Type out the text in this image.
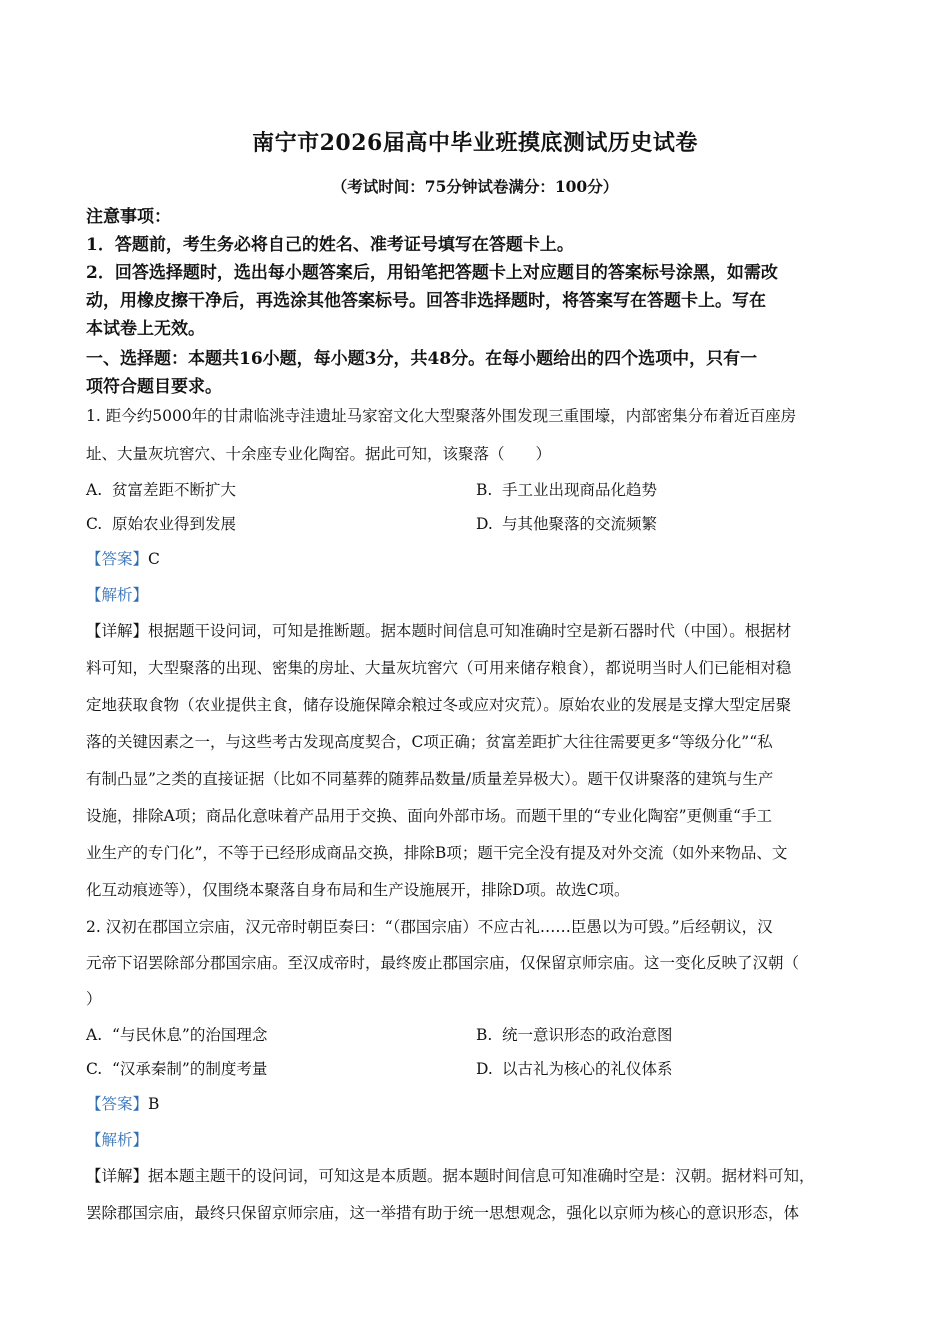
南宁市2026届高中毕业班摸底测试历史试卷
（考试时间：75分钟试卷满分：100分）
注意事项：
1．答题前，考生务必将自己的姓名、准考证号填写在答题卡上。
2．回答选择题时，选出每小题答案后，用铅笔把答题卡上对应题目的答案标号涂黑，如需改
动，用橡皮擦干净后，再选涂其他答案标号。回答非选择题时，将答案写在答题卡上。写在
本试卷上无效。
一、选择题：本题共16小题，每小题3分，共48分。在每小题给出的四个选项中，只有一
项符合题目要求。
1. 距今约5000年的甘肃临洮寺洼遗址马家窑文化大型聚落外围发现三重围壕，内部密集分布着近百座房
址、大量灰坑窖穴、十余座专业化陶窑。据此可知，该聚落（　　）
A. 贫富差距不断扩大	B. 手工业出现商品化趋势
C. 原始农业得到发展	D. 与其他聚落的交流频繁
【答案】C
【解析】
【详解】根据题干设问词，可知是推断题。据本题时间信息可知准确时空是新石器时代（中国）。根据材
料可知，大型聚落的出现、密集的房址、大量灰坑窖穴（可用来储存粮食），都说明当时人们已能相对稳
定地获取食物（农业提供主食，储存设施保障余粮过冬或应对灾荒）。原始农业的发展是支撑大型定居聚
落的关键因素之一，与这些考古发现高度契合，C项正确；贫富差距扩大往往需要更多“等级分化”“私
有制凸显”之类的直接证据（比如不同墓葬的随葬品数量/质量差异极大）。题干仅讲聚落的建筑与生产
设施，排除A项；商品化意味着产品用于交换、面向外部市场。而题干里的“专业化陶窑”更侧重“手工
业生产的专门化”，不等于已经形成商品交换，排除B项；题干完全没有提及对外交流（如外来物品、文
化互动痕迹等），仅围绕本聚落自身布局和生产设施展开，排除D项。故选C项。
2. 汉初在郡国立宗庙，汉元帝时朝臣奏曰：“（郡国宗庙）不应古礼……臣愚以为可毁。”后经朝议，汉
元帝下诏罢除部分郡国宗庙。至汉成帝时，最终废止郡国宗庙，仅保留京师宗庙。这一变化反映了汉朝（
）
A. “与民休息”的治国理念	B. 统一意识形态的政治意图
C. “汉承秦制”的制度考量	D. 以古礼为核心的礼仪体系
【答案】B
【解析】
【详解】据本题主题干的设问词，可知这是本质题。据本题时间信息可知准确时空是：汉朝。据材料可知，
罢除郡国宗庙，最终只保留京师宗庙，这一举措有助于统一思想观念，强化以京师为核心的意识形态，体
